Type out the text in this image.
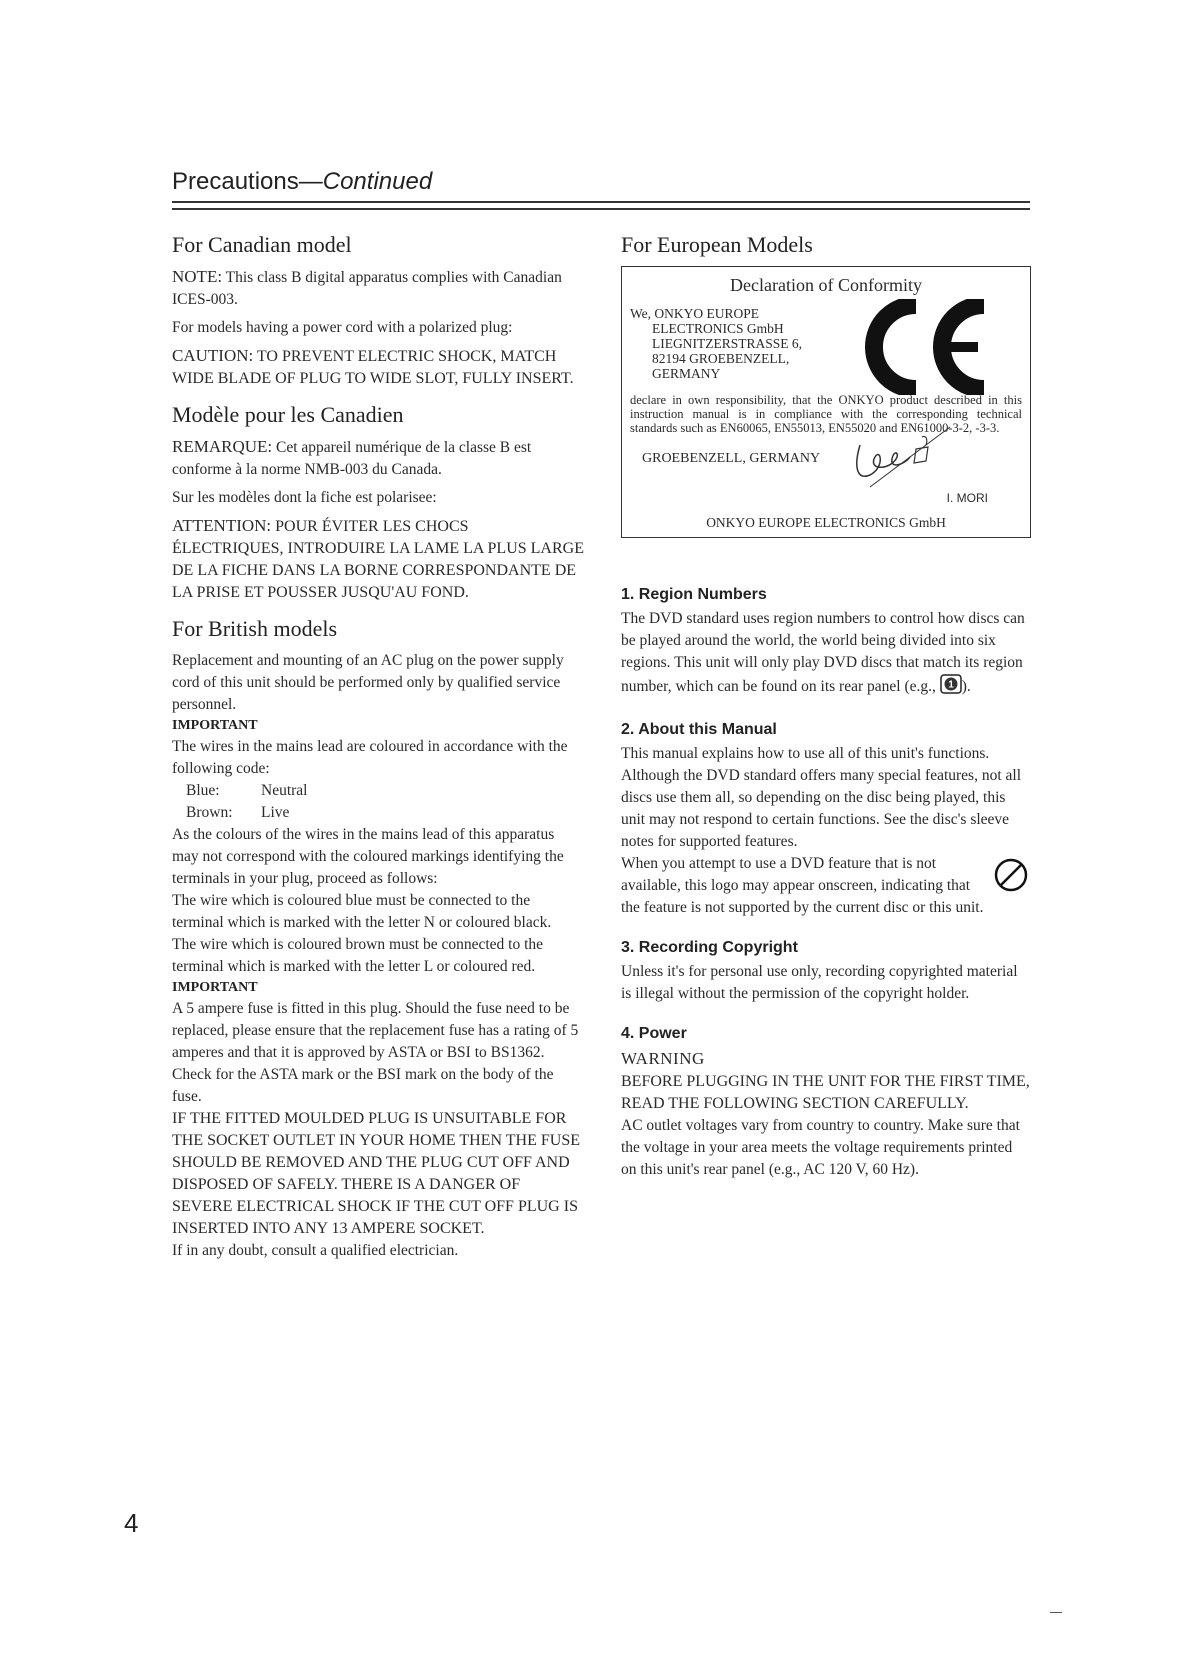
Precautions—Continued
For Canadian model

NOTE: This class B digital apparatus complies with Canadian ICES-003.

For models having a power cord with a polarized plug:

CAUTION: TO PREVENT ELECTRIC SHOCK, MATCH WIDE BLADE OF PLUG TO WIDE SLOT, FULLY INSERT.

Modèle pour les Canadien

REMARQUE: Cet appareil numérique de la classe B est conforme à la norme NMB-003 du Canada.

Sur les modèles dont la fiche est polarisee:

ATTENTION: POUR ÉVITER LES CHOCS ÉLECTRIQUES, INTRODUIRE LA LAME LA PLUS LARGE DE LA FICHE DANS LA BORNE CORRESPONDANTE DE LA PRISE ET POUSSER JUSQU'AU FOND.

For British models

Replacement and mounting of an AC plug on the power supply cord of this unit should be performed only by qualified service personnel.

IMPORTANT

The wires in the mains lead are coloured in accordance with the following code:

Blue:	Neutral
Brown:	Live

As the colours of the wires in the mains lead of this apparatus may not correspond with the coloured markings identifying the terminals in your plug, proceed as follows:

The wire which is coloured blue must be connected to the terminal which is marked with the letter N or coloured black.

The wire which is coloured brown must be connected to the terminal which is marked with the letter L or coloured red.

IMPORTANT

A 5 ampere fuse is fitted in this plug. Should the fuse need to be replaced, please ensure that the replacement fuse has a rating of 5 amperes and that it is approved by ASTA or BSI to BS1362. Check for the ASTA mark or the BSI mark on the body of the fuse.

IF THE FITTED MOULDED PLUG IS UNSUITABLE FOR THE SOCKET OUTLET IN YOUR HOME THEN THE FUSE SHOULD BE REMOVED AND THE PLUG CUT OFF AND DISPOSED OF SAFELY. THERE IS A DANGER OF SEVERE ELECTRICAL SHOCK IF THE CUT OFF PLUG IS INSERTED INTO ANY 13 AMPERE SOCKET.

If in any doubt, consult a qualified electrician.

For European Models
Declaration of Conformity
We, ONKYO EUROPE
ELECTRONICS GmbH
LIEGNITZERSTRASSE 6,
82194 GROEBENZELL,
GERMANY
declare in own responsibility, that the ONKYO product described in this instruction manual is in compliance with the corresponding technical standards such as EN60065, EN55013, EN55020 and EN61000-3-2, -3-3.
GROEBENZELL, GERMANY
I. MORI
ONKYO EUROPE ELECTRONICS GmbH
1. Region Numbers

The DVD standard uses region numbers to control how discs can be played around the world, the world being divided into six regions. This unit will only play DVD discs that match its region number, which can be found on its rear panel (e.g., 1 ).

2. About this Manual

This manual explains how to use all of this unit's functions. Although the DVD standard offers many special features, not all discs use them all, so depending on the disc being played, this unit may not respond to certain functions. See the disc's sleeve notes for supported features.

When you attempt to use a DVD feature that is not available, this logo may appear onscreen, indicating that the feature is not supported by the current disc or this unit.

3. Recording Copyright

Unless it's for personal use only, recording copyrighted material is illegal without the permission of the copyright holder.

4. Power
WARNING

BEFORE PLUGGING IN THE UNIT FOR THE FIRST TIME, READ THE FOLLOWING SECTION CAREFULLY.

AC outlet voltages vary from country to country. Make sure that the voltage in your area meets the voltage requirements printed on this unit's rear panel (e.g., AC 120 V, 60 Hz).

4
